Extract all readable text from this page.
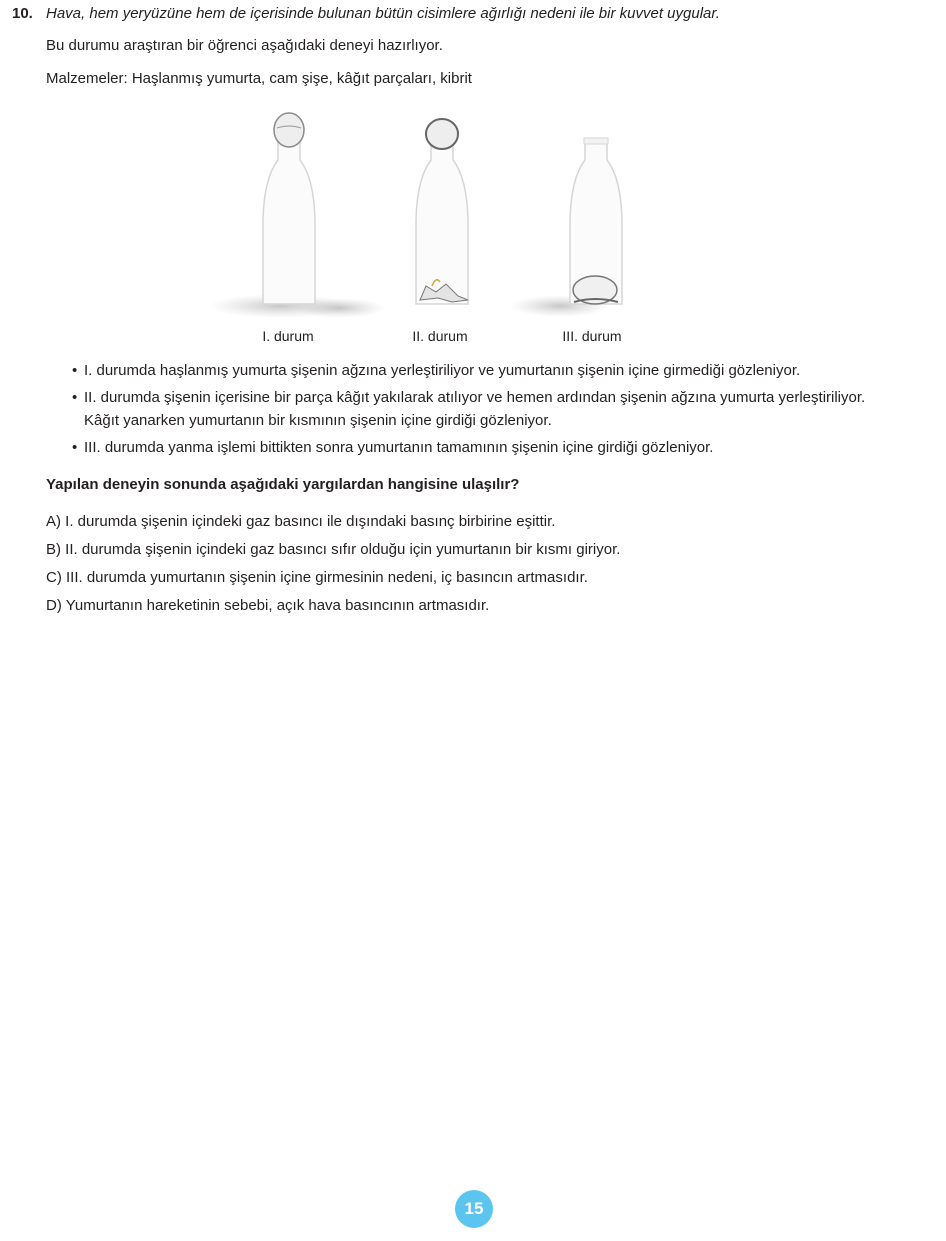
10. Hava, hem yeryüzüne hem de içerisinde bulunan bütün cisimlere ağırlığı nedeni ile bir kuvvet uygular.
Bu durumu araştıran bir öğrenci aşağıdaki deneyi hazırlıyor.
Malzemeler: Haşlanmış yumurta, cam şişe, kâğıt parçaları, kibrit
I. durum	II. durum	III. durum
• I. durumda haşlanmış yumurta şişenin ağzına yerleştiriliyor ve yumurtanın şişenin içine girmediği gözleniyor.
• II. durumda şişenin içerisine bir parça kâğıt yakılarak atılıyor ve hemen ardından şişenin ağzına yumurta yerleştiriliyor. Kâğıt yanarken yumurtanın bir kısmının şişenin içine girdiği gözleniyor.
• III. durumda yanma işlemi bittikten sonra yumurtanın tamamının şişenin içine girdiği gözleniyor.
Yapılan deneyin sonunda aşağıdaki yargılardan hangisine ulaşılır?
A) I. durumda şişenin içindeki gaz basıncı ile dışındaki basınç birbirine eşittir.
B) II. durumda şişenin içindeki gaz basıncı sıfır olduğu için yumurtanın bir kısmı giriyor.
C) III. durumda yumurtanın şişenin içine girmesinin nedeni, iç basıncın artmasıdır.
D) Yumurtanın hareketinin sebebi, açık hava basıncının artmasıdır.
15
